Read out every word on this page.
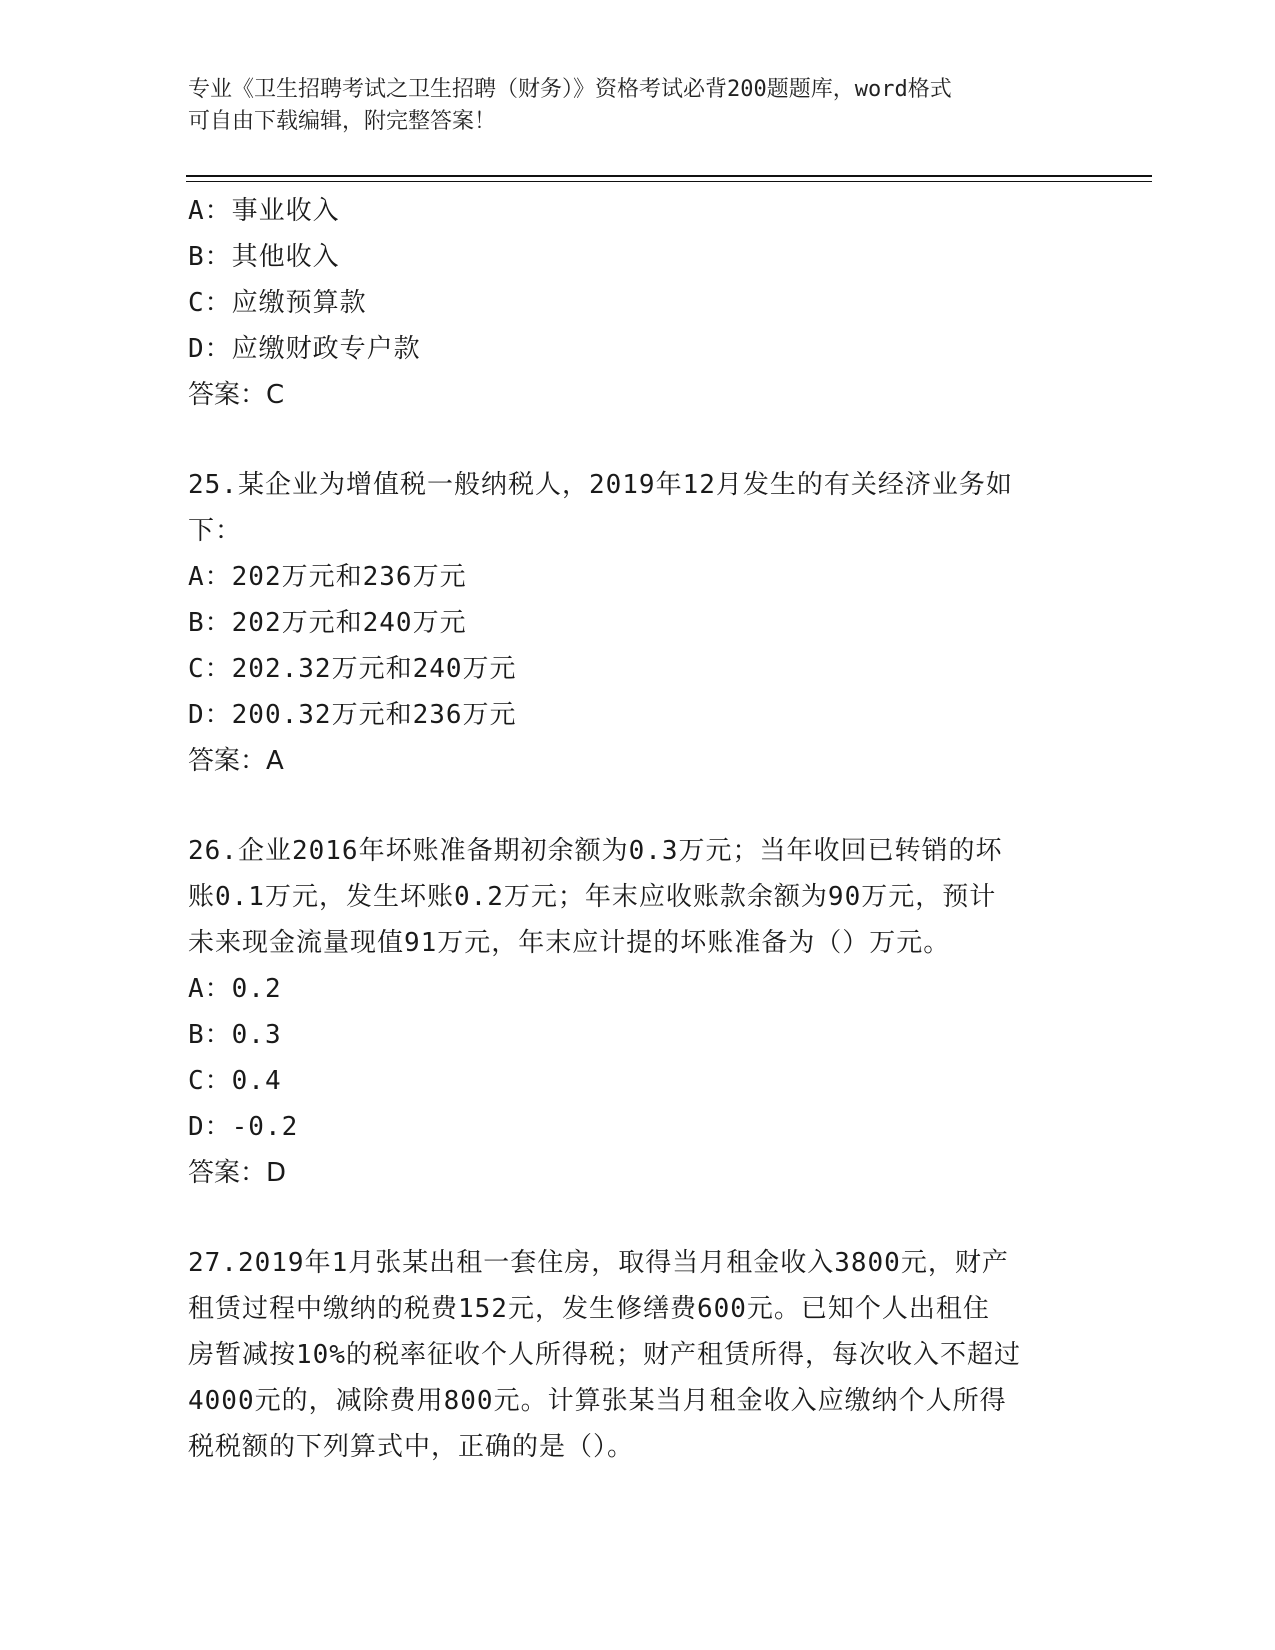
专业《卫生招聘考试之卫生招聘（财务）》资格考试必背200题题库，word格式
可自由下载编辑，附完整答案！
A：事业收入
B：其他收入
C：应缴预算款
D：应缴财政专户款
答案：C
25.某企业为增值税一般纳税人，2019年12月发生的有关经济业务如
下：
A：202万元和236万元
B：202万元和240万元
C：202.32万元和240万元
D：200.32万元和236万元
答案：A
26.企业2016年坏账准备期初余额为0.3万元；当年收回已转销的坏
账0.1万元，发生坏账0.2万元；年末应收账款余额为90万元，预计
未来现金流量现值91万元，年末应计提的坏账准备为（）万元。
A：0.2
B：0.3
C：0.4
D：-0.2
答案：D
27.2019年1月张某出租一套住房，取得当月租金收入3800元，财产
租赁过程中缴纳的税费152元，发生修缮费600元。已知个人出租住
房暂减按10%的税率征收个人所得税；财产租赁所得，每次收入不超过
4000元的，减除费用800元。计算张某当月租金收入应缴纳个人所得
税税额的下列算式中，正确的是（）。
